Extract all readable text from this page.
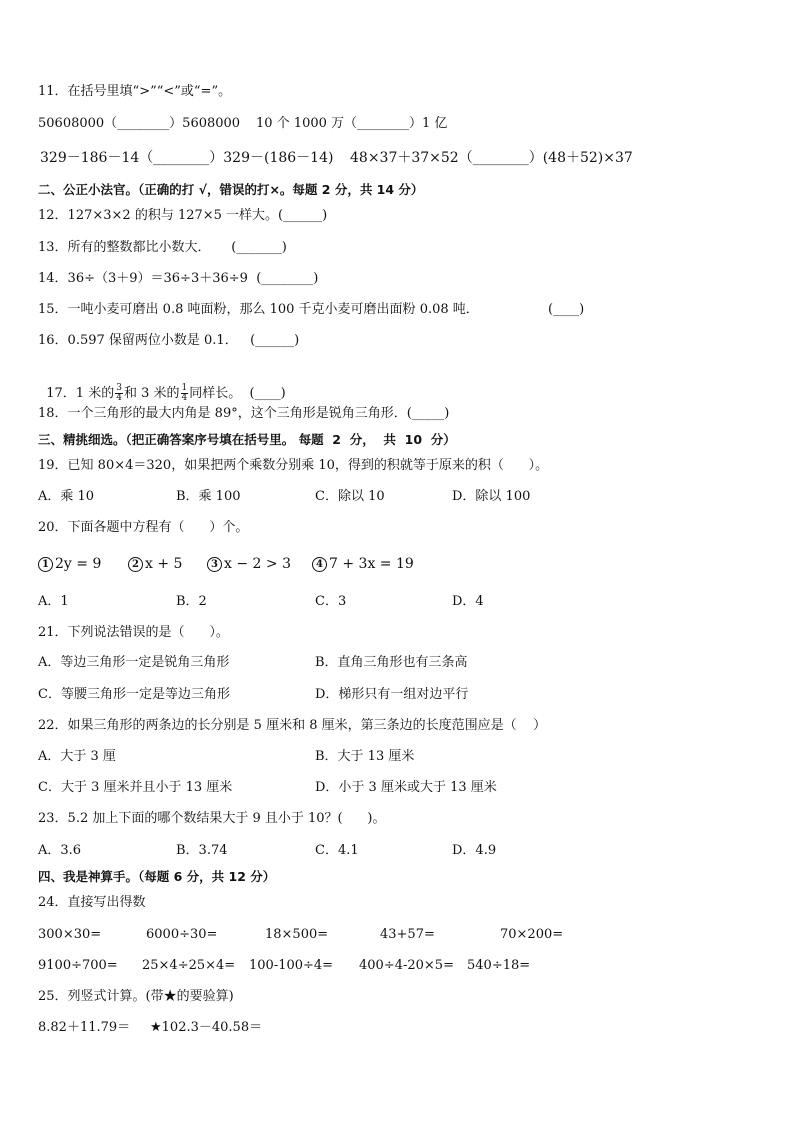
11．在括号里填“>”“<”或“=”。
50608000（________）5608000 10 个 1000 万（________）1 亿
329－186－14（________）329－(186－14) 48×37＋37×52（________）(48＋52)×37
二、公正小法官。（正确的打 √，错误的打×。每题 2 分，共 14 分）
12．127×3×2 的积与 127×5 一样大。(______)
13．所有的整数都比小数大．     (_______)
14．36÷（3＋9）＝36÷3＋36÷9  (________)
15．一吨小麦可磨出 0.8 吨面粉，那么 100 千克小麦可磨出面粉 0.08 吨．	(____)
16．0.597 保留两位小数是 0.1．   (______)

17．1 米的 $\frac{3}{4}$ 和 3 米的 $\frac{1}{4}$ 同样长。  (____)

18．一个三角形的最大内角是 89°，这个三角形是锐角三角形．(_____)
三、精挑细选。（把正确答案序号填在括号里。 每题  2  分，  共  10  分）
19．已知 80×4＝320，如果把两个乘数分别乘 10，得到的积就等于原来的积（      ）。
A．乘 10	B．乘 100	C．除以 10	D．除以 100
20．下面各题中方程有（      ）个。
1 2y = 9	2 x + 5	3 x − 2 > 3	4 7 + 3x = 19
A．1	B．2	C．3	D．4
21．下列说法错误的是（      ）。
A．等边三角形一定是锐角三角形	B．直角三角形也有三条高
C．等腰三角形一定是等边三角形	D．梯形只有一组对边平行
22．如果三角形的两条边的长分别是 5 厘米和 8 厘米，第三条边的长度范围应是（    ）
A．大于 3 厘	B．大于 13 厘米
C．大于 3 厘米并且小于 13 厘米	D．小于 3 厘米或大于 13 厘米
23．5.2 加上下面的哪个数结果大于 9 且小于 10？(      )。
A．3.6	B．3.74	C．4.1	D．4.9
四、我是神算手。（每题 6 分，共 12 分）
24．直接写出得数
300×30=	6000÷30=	18×500=	43+57=	70×200=
9100÷700= 25×4÷25×4= 100-100÷4= 400÷4-20×5= 540÷18=
25．列竖式计算。(带★的要验算)
8.82＋11.79＝ ★102.3－40.58＝
